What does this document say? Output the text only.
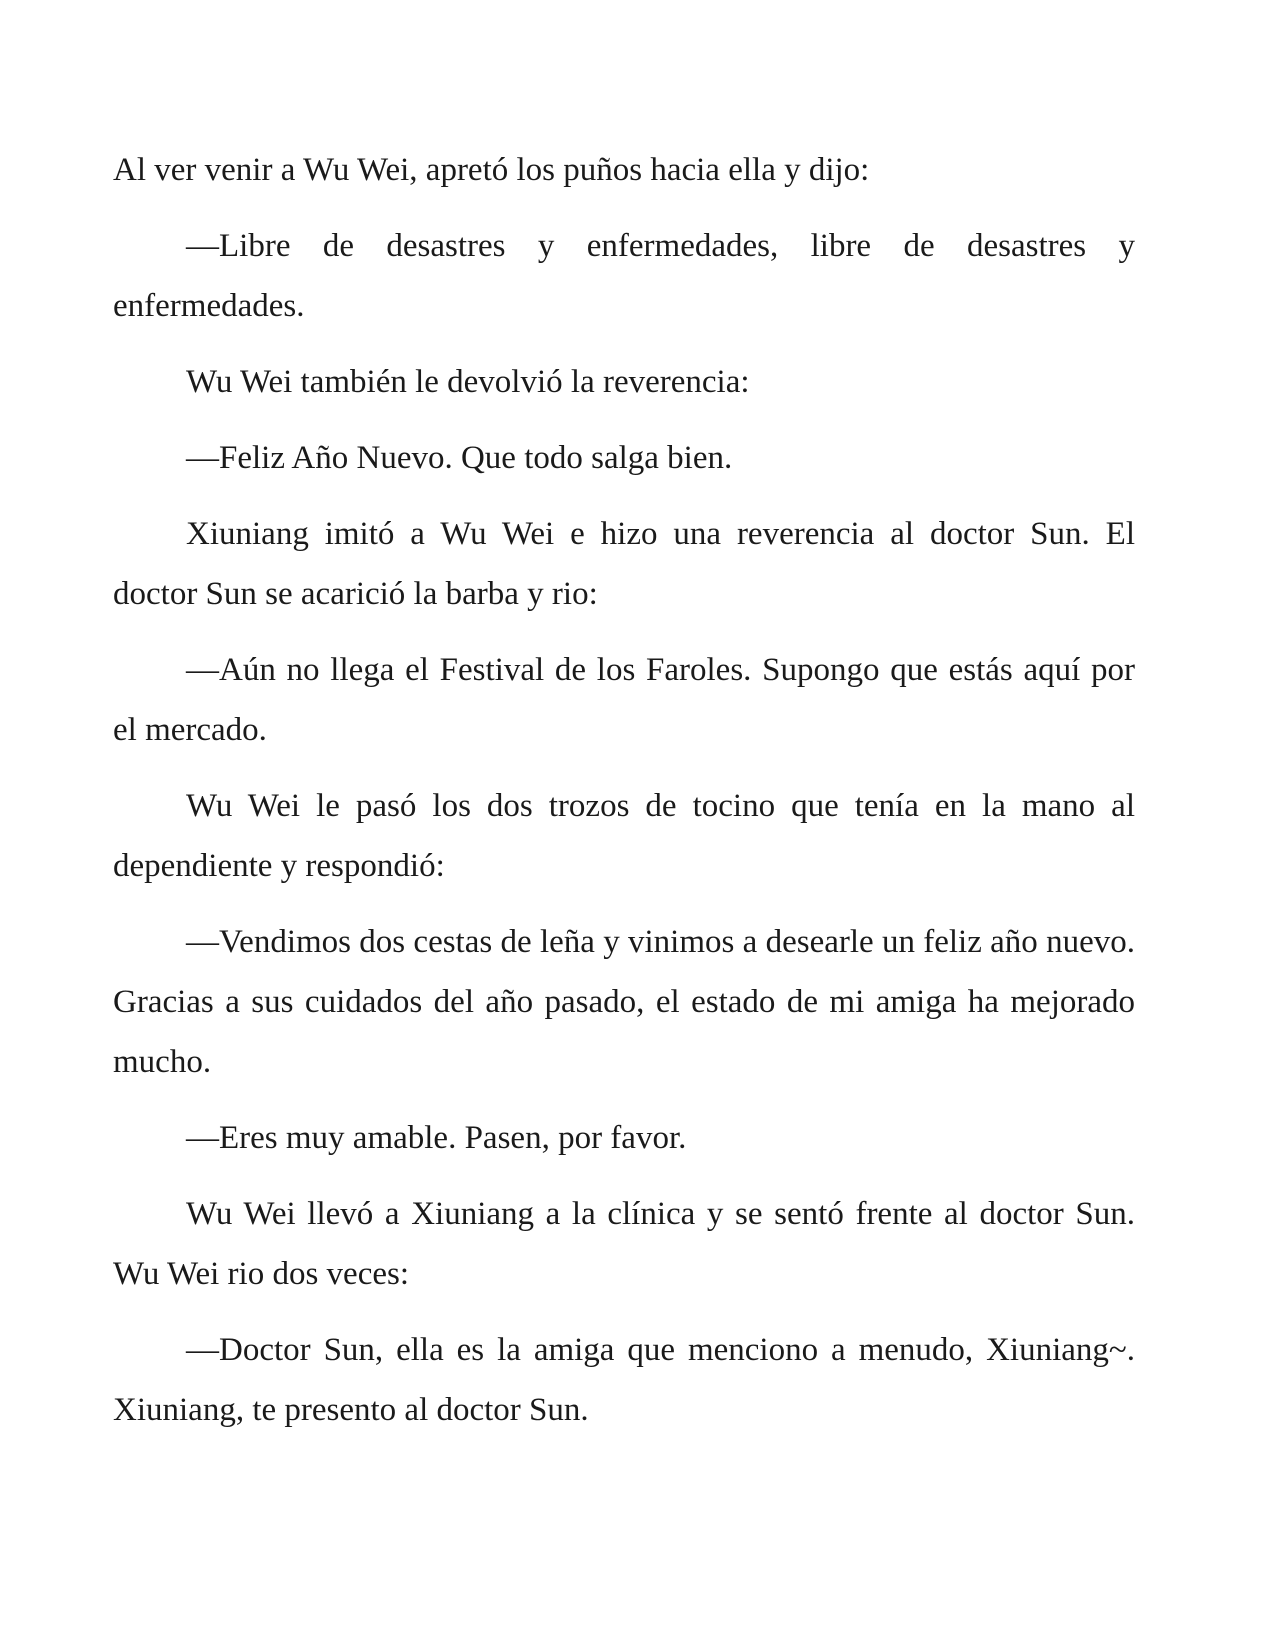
Al ver venir a Wu Wei, apretó los puños hacia ella y dijo:

—Libre de desastres y enfermedades, libre de desastres y enfermedades.

Wu Wei también le devolvió la reverencia:

—Feliz Año Nuevo. Que todo salga bien.

Xiuniang imitó a Wu Wei e hizo una reverencia al doctor Sun. El doctor Sun se acarició la barba y rio:

—Aún no llega el Festival de los Faroles. Supongo que estás aquí por el mercado.

Wu Wei le pasó los dos trozos de tocino que tenía en la mano al dependiente y respondió:

—Vendimos dos cestas de leña y vinimos a desearle un feliz año nuevo. Gracias a sus cuidados del año pasado, el estado de mi amiga ha mejorado mucho.

—Eres muy amable. Pasen, por favor.

Wu Wei llevó a Xiuniang a la clínica y se sentó frente al doctor Sun. Wu Wei rio dos veces:

—Doctor Sun, ella es la amiga que menciono a menudo, Xiuniang~. Xiuniang, te presento al doctor Sun.
